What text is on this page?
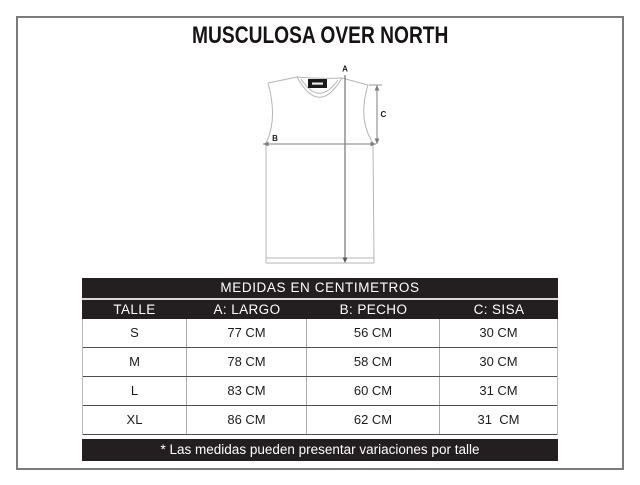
MUSCULOSA OVER NORTH
A
B
C
MEDIDAS EN CENTIMETROS
TALLE	A: LARGO	B: PECHO	C: SISA
S	77 CM	56 CM	30 CM
M	78 CM	58 CM	30 CM
L	83 CM	60 CM	31 CM
XL	86 CM	62 CM	31  CM
* Las medidas pueden presentar variaciones por talle
